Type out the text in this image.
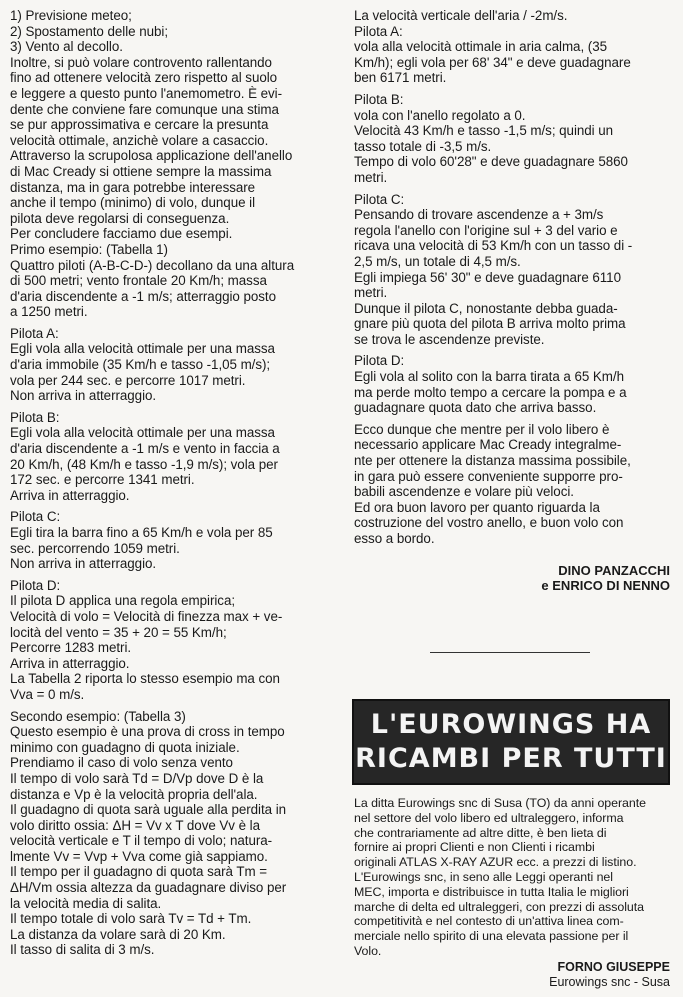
1) Previsione meteo;

2) Spostamento delle nubi;

3) Vento al decollo.

Inoltre, si può volare controvento rallentando

fino ad ottenere velocità zero rispetto al suolo

e leggere a questo punto l'anemometro. È evi-

dente che conviene fare comunque una stima

se pur approssimativa e cercare la presunta

velocità ottimale, anzichè volare a casaccio.

Attraverso la scrupolosa applicazione dell'anello

di Mac Cready si ottiene sempre la massima

distanza, ma in gara potrebbe interessare

anche il tempo (minimo) di volo, dunque il

pilota deve regolarsi di conseguenza.

Per concludere facciamo due esempi.

Primo esempio: (Tabella 1)

Quattro piloti (A-B-C-D-) decollano da una altura

di 500 metri; vento frontale 20 Km/h; massa

d'aria discendente a -1 m/s; atterraggio posto

a 1250 metri.

Pilota A:

Egli vola alla velocità ottimale per una massa

d'aria immobile (35 Km/h e tasso -1,05 m/s);

vola per 244 sec. e percorre 1017 metri.

Non arriva in atterraggio.

Pilota B:

Egli vola alla velocità ottimale per una massa

d'aria discendente a -1 m/s e vento in faccia a

20 Km/h, (48 Km/h e tasso -1,9 m/s); vola per

172 sec. e percorre 1341 metri.

Arriva in atterraggio.

Pilota C:

Egli tira la barra fino a 65 Km/h e vola per 85

sec. percorrendo 1059 metri.

Non arriva in atterraggio.

Pilota D:

Il pilota D applica una regola empirica;

Velocità di volo = Velocità di finezza max + ve-

locità del vento = 35 + 20 = 55 Km/h;

Percorre 1283 metri.

Arriva in atterraggio.

La Tabella 2 riporta lo stesso esempio ma con

Vva = 0 m/s.

Secondo esempio: (Tabella 3)

Questo esempio è una prova di cross in tempo

minimo con guadagno di quota iniziale.

Prendiamo il caso di volo senza vento

Il tempo di volo sarà Td = D/Vp dove D è la

distanza e Vp è la velocità propria dell'ala.

Il guadagno di quota sarà uguale alla perdita in

volo diritto ossia: ΔH = Vv x T dove Vv è la

velocità verticale e T il tempo di volo; natura-

lmente Vv = Vvp + Vva come già sappiamo.

Il tempo per il guadagno di quota sarà Tm =

ΔH/Vm ossia altezza da guadagnare diviso per

la velocità media di salita.

Il tempo totale di volo sarà Tv = Td + Tm.

La distanza da volare sarà di 20 Km.

Il tasso di salita di 3 m/s.

La velocità verticale dell'aria / -2m/s.

Pilota A:

vola alla velocità ottimale in aria calma, (35

Km/h); egli vola per 68' 34" e deve guadagnare

ben 6171 metri.

Pilota B:

vola con l'anello regolato a 0.

Velocità 43 Km/h e tasso -1,5 m/s; quindi un

tasso totale di -3,5 m/s.

Tempo di volo 60'28" e deve guadagnare 5860

metri.

Pilota C:

Pensando di trovare ascendenze a + 3m/s

regola l'anello con l'origine sul + 3 del vario e

ricava una velocità di 53 Km/h con un tasso di -

2,5 m/s, un totale di 4,5 m/s.

Egli impiega 56' 30" e deve guadagnare 6110

metri.

Dunque il pilota C, nonostante debba guada-

gnare più quota del pilota B arriva molto prima

se trova le ascendenze previste.

Pilota D:

Egli vola al solito con la barra tirata a 65 Km/h

ma perde molto tempo a cercare la pompa e a

guadagnare quota dato che arriva basso.

Ecco dunque che mentre per il volo libero è

necessario applicare Mac Cready integralme-

nte per ottenere la distanza massima possibile,

in gara può essere conveniente supporre pro-

babili ascendenze e volare più veloci.

Ed ora buon lavoro per quanto riguarda la

costruzione del vostro anello, e buon volo con

esso a bordo.

DINO PANZACCHI

e ENRICO DI NENNO

L'EUROWINGS HA

RICAMBI PER TUTTI

La ditta Eurowings snc di Susa (TO) da anni operante

nel settore del volo libero ed ultraleggero, informa

che contrariamente ad altre ditte, è ben lieta di

fornire ai propri Clienti e non Clienti i ricambi

originali ATLAS X-RAY AZUR ecc. a prezzi di listino.

L'Eurowings snc, in seno alle Leggi operanti nel

MEC, importa e distribuisce in tutta Italia le migliori

marche di delta ed ultraleggeri, con prezzi di assoluta

competitività e nel contesto di un'attiva linea com-

merciale nello spirito di una elevata passione per il

Volo.

FORNO GIUSEPPE

Eurowings snc - Susa
